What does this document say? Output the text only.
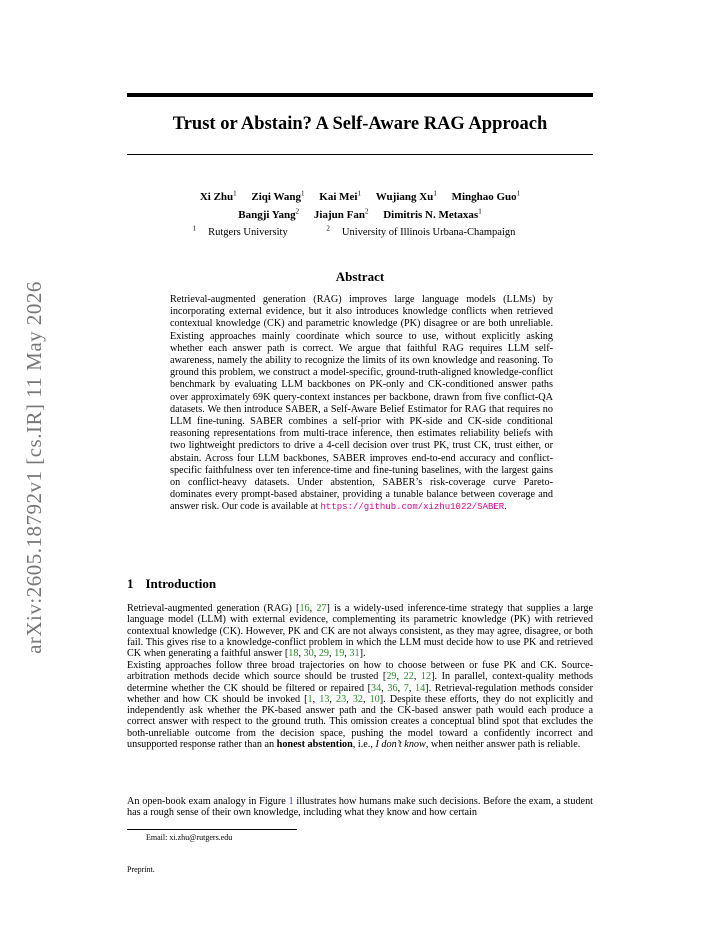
arXiv:2605.18792v1 [cs.IR] 11 May 2026
Trust or Abstain? A Self-Aware RAG Approach
Xi Zhu$^1$ Ziqi Wang$^1$ Kai Mei$^1$ Wujiang Xu$^1$ Minghao Guo$^1$
Bangji Yang$^2$ Jiajun Fan$^2$ Dimitris N. Metaxas$^1$
$^1$ Rutgers University	$^2$ University of Illinois Urbana-Champaign
Abstract
Retrieval-augmented generation (RAG) improves large language models (LLMs) by incorporating external evidence, but it also introduces knowledge conflicts when retrieved contextual knowledge (CK) and parametric knowledge (PK) disagree or are both unreliable. Existing approaches mainly coordinate which source to use, without explicitly asking whether each answer path is correct. We argue that faithful RAG requires LLM self-awareness, namely the ability to recognize the limits of its own knowledge and reasoning. To ground this problem, we construct a model-specific, ground-truth-aligned knowledge-conflict benchmark by evaluating LLM backbones on PK-only and CK-conditioned answer paths over approximately 69K query-context instances per backbone, drawn from five conflict-QA datasets. We then introduce SABER, a Self-Aware Belief Estimator for RAG that requires no LLM fine-tuning. SABER combines a self-prior with PK-side and CK-side conditional reasoning representations from multi-trace inference, then estimates reliability beliefs with two lightweight predictors to drive a 4-cell decision over trust PK, trust CK, trust either, or abstain. Across four LLM backbones, SABER improves end-to-end accuracy and conflict-specific faithfulness over ten inference-time and fine-tuning baselines, with the largest gains on conflict-heavy datasets. Under abstention, SABER’s risk-coverage curve Pareto-dominates every prompt-based abstainer, providing a tunable balance between coverage and answer risk. Our code is available at https://github.com/xizhu1022/SABER.
1 Introduction
Retrieval-augmented generation (RAG) [16, 27] is a widely-used inference-time strategy that supplies a large language model (LLM) with external evidence, complementing its parametric knowledge (PK) with retrieved contextual knowledge (CK). However, PK and CK are not always consistent, as they may agree, disagree, or both fail. This gives rise to a knowledge-conflict problem in which the LLM must decide how to use PK and retrieved CK when generating a faithful answer [18, 30, 29, 19, 31].
Existing approaches follow three broad trajectories on how to choose between or fuse PK and CK. Source-arbitration methods decide which source should be trusted [29, 22, 12]. In parallel, context-quality methods determine whether the CK should be filtered or repaired [34, 36, 7, 14]. Retrieval-regulation methods consider whether and how CK should be invoked [1, 13, 23, 32, 10]. Despite these efforts, they do not explicitly and independently ask whether the PK-based answer path and the CK-based answer path would each produce a correct answer with respect to the ground truth. This omission creates a conceptual blind spot that excludes the both-unreliable outcome from the decision space, pushing the model toward a confidently incorrect and unsupported response rather than an honest abstention, i.e., I don’t know, when neither answer path is reliable.
An open-book exam analogy in Figure 1 illustrates how humans make such decisions. Before the exam, a student has a rough sense of their own knowledge, including what they know and how certain
Email: xi.zhu@rutgers.edu
Preprint.
